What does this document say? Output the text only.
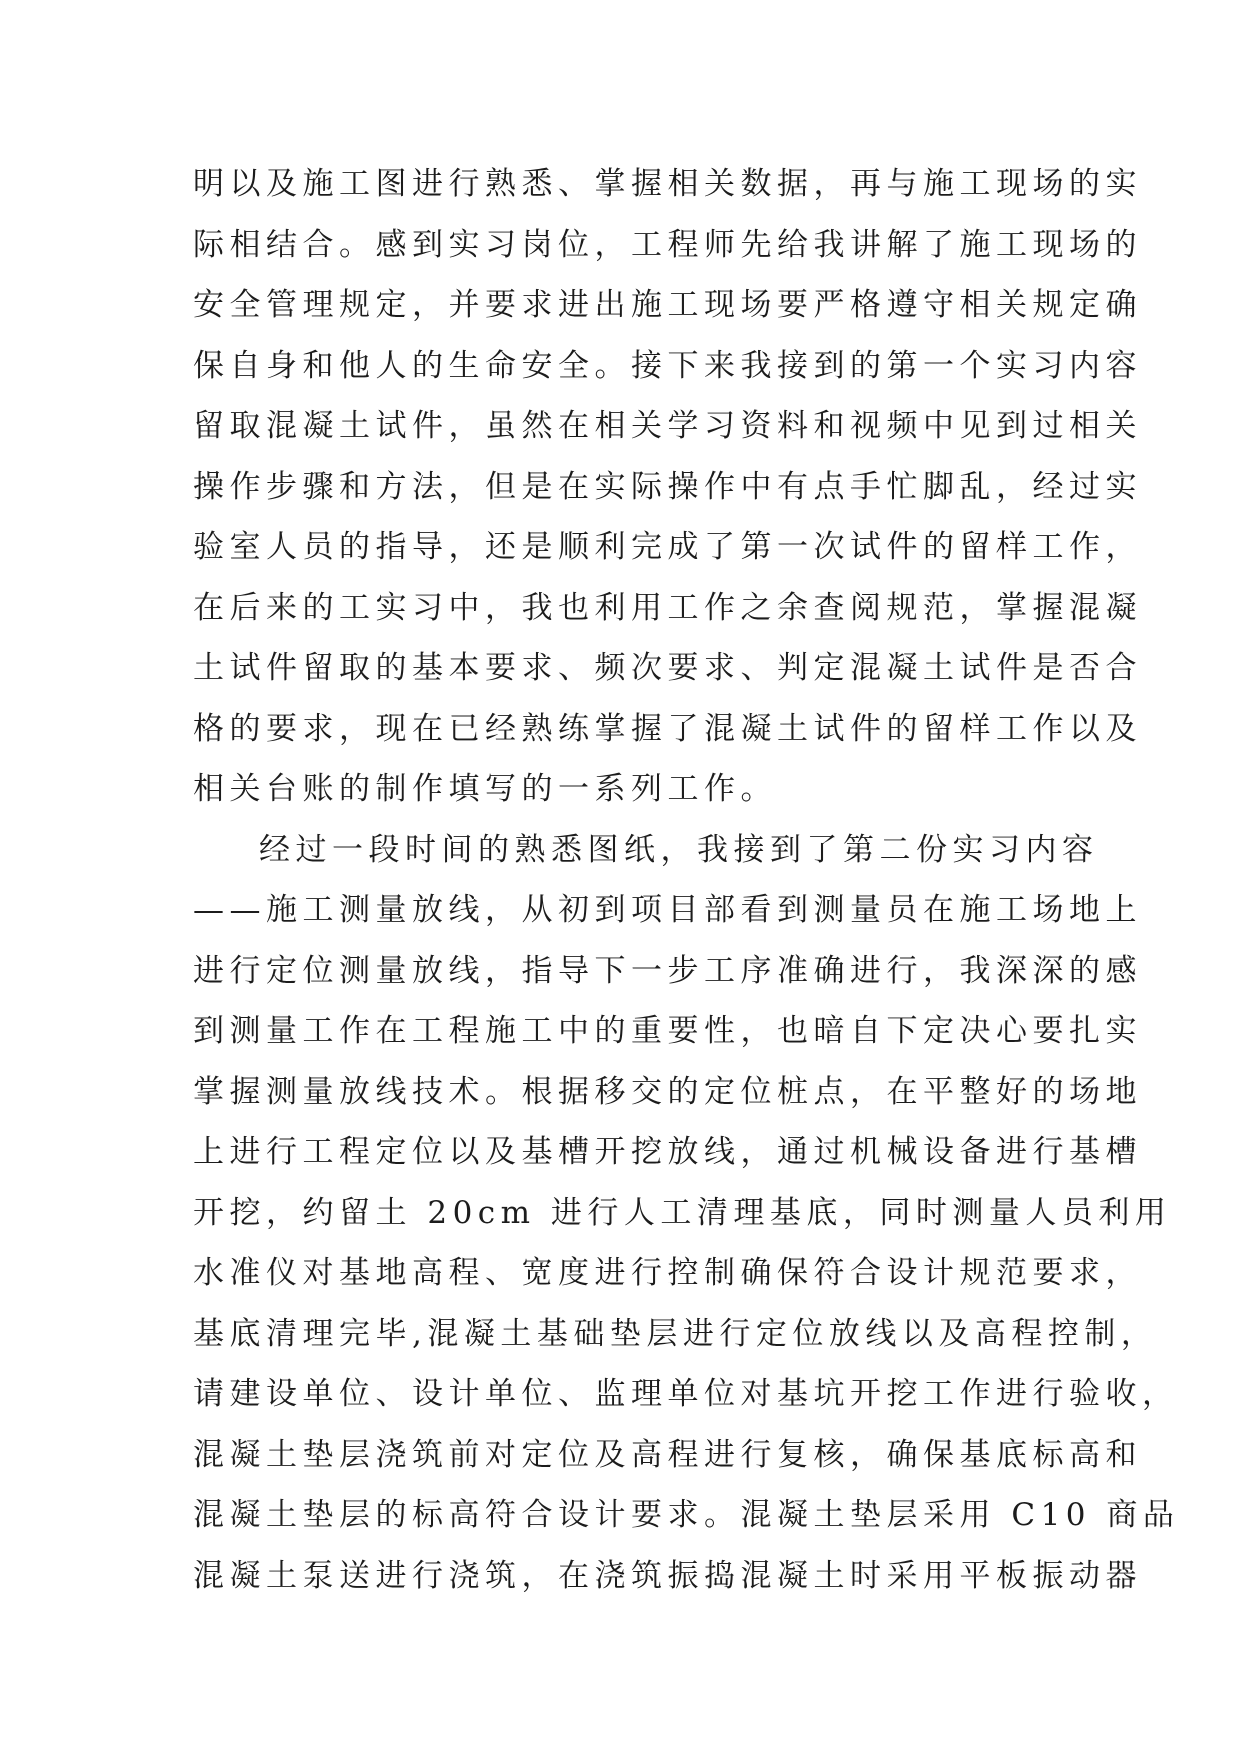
明以及施工图进行熟悉、掌握相关数据，再与施工现场的实
际相结合。感到实习岗位，工程师先给我讲解了施工现场的
安全管理规定，并要求进出施工现场要严格遵守相关规定确
保自身和他人的生命安全。接下来我接到的第一个实习内容
留取混凝土试件，虽然在相关学习资料和视频中见到过相关
操作步骤和方法，但是在实际操作中有点手忙脚乱，经过实
验室人员的指导，还是顺利完成了第一次试件的留样工作，
在后来的工实习中，我也利用工作之余查阅规范，掌握混凝
土试件留取的基本要求、频次要求、判定混凝土试件是否合
格的要求，现在已经熟练掌握了混凝土试件的留样工作以及
相关台账的制作填写的一系列工作。
经过一段时间的熟悉图纸，我接到了第二份实习内容
——施工测量放线，从初到项目部看到测量员在施工场地上
进行定位测量放线，指导下一步工序准确进行，我深深的感
到测量工作在工程施工中的重要性，也暗自下定决心要扎实
掌握测量放线技术。根据移交的定位桩点，在平整好的场地
上进行工程定位以及基槽开挖放线，通过机械设备进行基槽
开挖，约留土 20cm 进行人工清理基底，同时测量人员利用
水准仪对基地高程、宽度进行控制确保符合设计规范要求，
基底清理完毕,混凝土基础垫层进行定位放线以及高程控制，
请建设单位、设计单位、监理单位对基坑开挖工作进行验收，
混凝土垫层浇筑前对定位及高程进行复核，确保基底标高和
混凝土垫层的标高符合设计要求。混凝土垫层采用 C10 商品
混凝土泵送进行浇筑，在浇筑振捣混凝土时采用平板振动器
